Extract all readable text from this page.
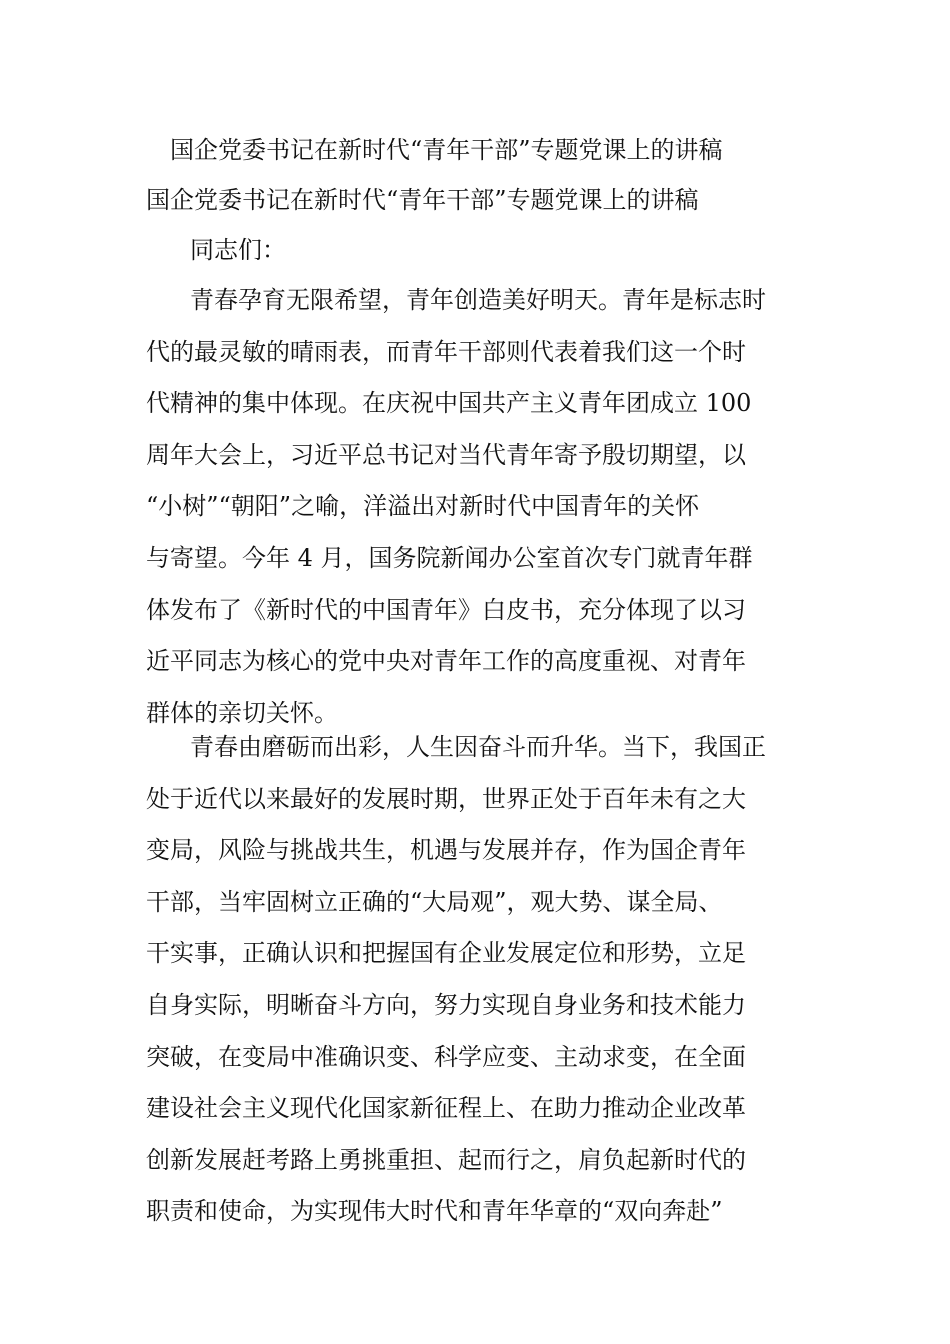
国企党委书记在新时代“青年干部”专题党课上的讲稿
国企党委书记在新时代“青年干部”专题党课上的讲稿
同志们：
青春孕育无限希望，青年创造美好明天。青年是标志时
代的最灵敏的晴雨表，而青年干部则代表着我们这一个时
代精神的集中体现。在庆祝中国共产主义青年团成立 100
周年大会上，习近平总书记对当代青年寄予殷切期望，以
“小树”“朝阳”之喻，洋溢出对新时代中国青年的关怀
与寄望。今年 4 月，国务院新闻办公室首次专门就青年群
体发布了《新时代的中国青年》白皮书，充分体现了以习
近平同志为核心的党中央对青年工作的高度重视、对青年
群体的亲切关怀。
青春由磨砺而出彩，人生因奋斗而升华。当下，我国正
处于近代以来最好的发展时期，世界正处于百年未有之大
变局，风险与挑战共生，机遇与发展并存，作为国企青年
干部，当牢固树立正确的“大局观”，观大势、谋全局、
干实事，正确认识和把握国有企业发展定位和形势，立足
自身实际，明晰奋斗方向，努力实现自身业务和技术能力
突破，在变局中准确识变、科学应变、主动求变，在全面
建设社会主义现代化国家新征程上、在助力推动企业改革
创新发展赶考路上勇挑重担、起而行之，肩负起新时代的
职责和使命，为实现伟大时代和青年华章的“双向奔赴”
